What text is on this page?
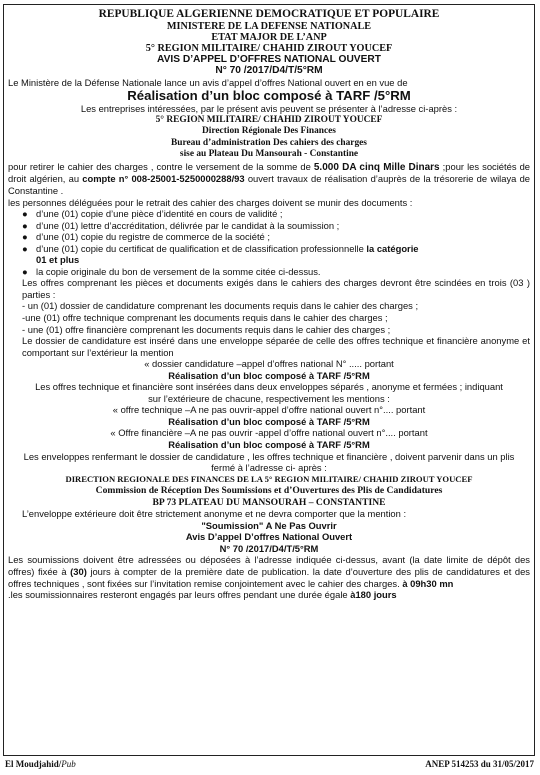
REPUBLIQUE ALGERIENNE DEMOCRATIQUE ET POPULAIRE
MINISTERE DE LA DEFENSE NATIONALE
ETAT MAJOR DE L’ANP
5° REGION MILITAIRE/ CHAHID ZIROUT YOUCEF
AVIS D’APPEL D’OFFRES NATIONAL OUVERT
N° 70 /2017/D4/T/5°RM
Le Ministère de la Défense Nationale lance un avis d’appel d’offres National ouvert en en vue de
Réalisation d’un bloc composé à TARF /5°RM
Les entreprises intéressées, par le présent avis peuvent se présenter à l’adresse ci-après :
5° REGION MILITAIRE/ CHAHID ZIROUT YOUCEF
Direction Régionale Des Finances
Bureau d’administration Des cahiers des charges
sise au Plateau Du Mansourah - Constantine
pour retirer le cahier des charges , contre le versement de la somme de 5.000 DA cinq Mille Dinars ;pour les sociétés de droit algérien, au compte n° 008-25001-5250000288/93 ouvert travaux de réalisation d’auprès de la trésorerie de wilaya de Constantine .
les personnes déléguées pour le retrait des cahier des charges doivent se munir des documents :
● d’une (01) copie d’une pièce d’identité en cours de validité ;
● d’une (01) lettre d’accréditation, délivrée par le candidat à la soumission ;
● d’une (01) copie du registre de commerce de la société ;
● d’une (01) copie du certificat de qualification et de classification professionnelle la catégorie
01 et plus
● la copie originale du bon de versement de la somme citée ci-dessus.
Les offres comprenant les pièces et documents exigés dans le cahiers des charges devront être scindées en trois (03 ) parties :
- un (01) dossier de candidature comprenant les documents requis dans le cahier des charges ;
-une (01) offre technique comprenant les documents requis dans le cahier des charges ;
- une (01) offre financière comprenant les documents requis dans le cahier des charges ;
Le dossier de candidature est inséré dans une enveloppe séparée de celle des offres technique et financière anonyme et comportant sur l’extérieur la mention
« dossier candidature –appel d’offres national N° ..... portant
Réalisation d’un bloc composé à TARF /5°RM
Les offres technique et financière sont insérées dans deux enveloppes séparés , anonyme et fermées ; indiquant sur l’extérieure de chacune, respectivement les mentions :
« offre technique –A ne pas ouvrir-appel d’offre national ouvert n°.... portant
Réalisation d’un bloc composé à TARF /5°RM
« Offre financière –A ne pas ouvrir -appel d’offre national ouvert n°.... portant
Réalisation d’un bloc composé à TARF /5°RM
Les enveloppes renfermant le dossier de candidature , les offres technique et financière , doivent parvenir dans un plis fermé à l’adresse ci- après :
DIRECTION REGIONALE DES FINANCES DE LA 5° REGION MILITAIRE/ CHAHID ZIROUT YOUCEF
Commission de Réception Des Soumissions et d’Ouvertures des Plis de Candidatures
BP 73 PLATEAU DU MANSOURAH – CONSTANTINE
L’enveloppe extérieure doit être strictement anonyme et ne devra comporter que la mention :
"Soumission" A Ne Pas Ouvrir
Avis D’appel D’offres National Ouvert
N° 70 /2017/D4/T/5°RM
Les soumissions doivent être adressées ou déposées à l’adresse indiquée ci-dessus, avant (la date limite de dépôt des offres) fixée à (30) jours à compter de la première date de publication. la date d’ouverture des plis de candidatures et des offres techniques , sont fixées sur l’invitation remise conjointement avec le cahier des charges. à 09h30 mn
.les soumissionnaires resteront engagés par leurs offres pendant une durée égale à180 jours
El Moudjahid/Pub	ANEP 514253 du 31/05/2017
